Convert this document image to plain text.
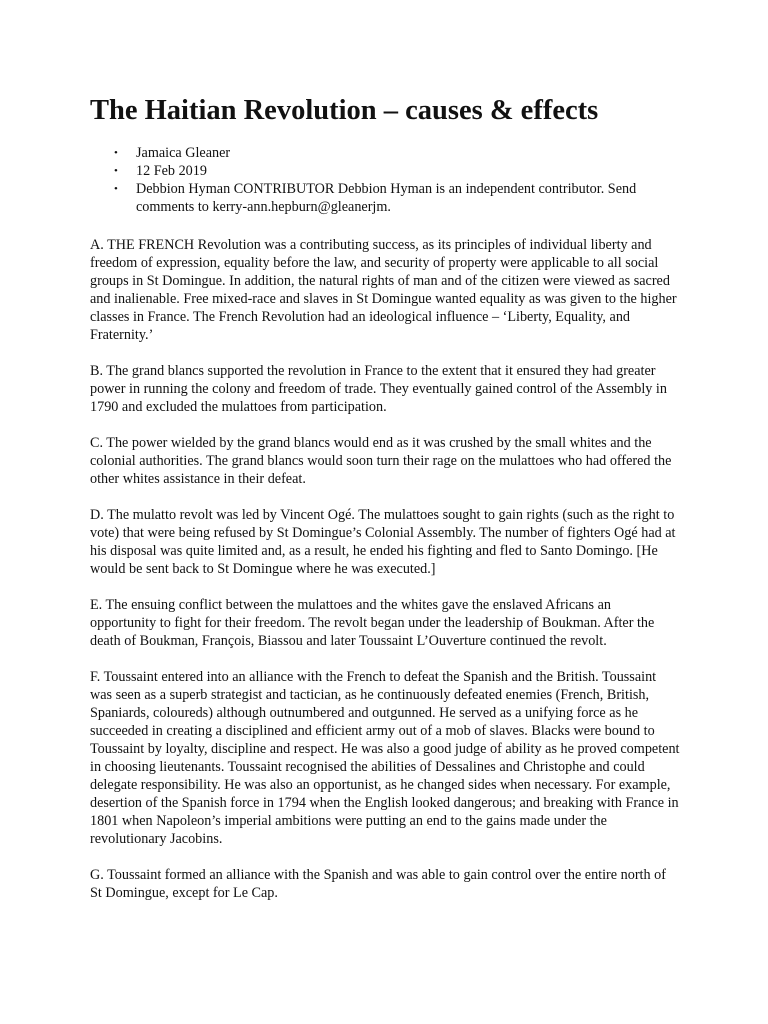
The Haitian Revolution – causes & effects
• Jamaica Gleaner
• 12 Feb 2019
• Debbion Hyman CONTRIBUTOR Debbion Hyman is an independent contributor. Send comments to kerry-ann.hepburn@gleanerjm.

A. THE FRENCH Revolution was a contributing success, as its principles of individual liberty and freedom of expression, equality before the law, and security of property were applicable to all social groups in St Domingue. In addition, the natural rights of man and of the citizen were viewed as sacred and inalienable. Free mixed-race and slaves in St Domingue wanted equality as was given to the higher classes in France. The French Revolution had an ideological influence – ‘Liberty, Equality, and Fraternity.’

B. The grand blancs supported the revolution in France to the extent that it ensured they had greater power in running the colony and freedom of trade. They eventually gained control of the Assembly in 1790 and excluded the mulattoes from participation.

C. The power wielded by the grand blancs would end as it was crushed by the small whites and the colonial authorities. The grand blancs would soon turn their rage on the mulattoes who had offered the other whites assistance in their defeat.

D. The mulatto revolt was led by Vincent Ogé. The mulattoes sought to gain rights (such as the right to vote) that were being refused by St Domingue’s Colonial Assembly. The number of fighters Ogé had at his disposal was quite limited and, as a result, he ended his fighting and fled to Santo Domingo. [He would be sent back to St Domingue where he was executed.]

E. The ensuing conflict between the mulattoes and the whites gave the enslaved Africans an opportunity to fight for their freedom. The revolt began under the leadership of Boukman. After the death of Boukman, François, Biassou and later Toussaint L’Ouverture continued the revolt.

F. Toussaint entered into an alliance with the French to defeat the Spanish and the British. Toussaint was seen as a superb strategist and tactician, as he continuously defeated enemies (French, British, Spaniards, coloureds) although outnumbered and outgunned. He served as a unifying force as he succeeded in creating a disciplined and efficient army out of a mob of slaves. Blacks were bound to Toussaint by loyalty, discipline and respect. He was also a good judge of ability as he proved competent in choosing lieutenants. Toussaint recognised the abilities of Dessalines and Christophe and could delegate responsibility. He was also an opportunist, as he changed sides when necessary. For example, desertion of the Spanish force in 1794 when the English looked dangerous; and breaking with France in 1801 when Napoleon’s imperial ambitions were putting an end to the gains made under the revolutionary Jacobins.

G. Toussaint formed an alliance with the Spanish and was able to gain control over the entire north of St Domingue, except for Le Cap.
